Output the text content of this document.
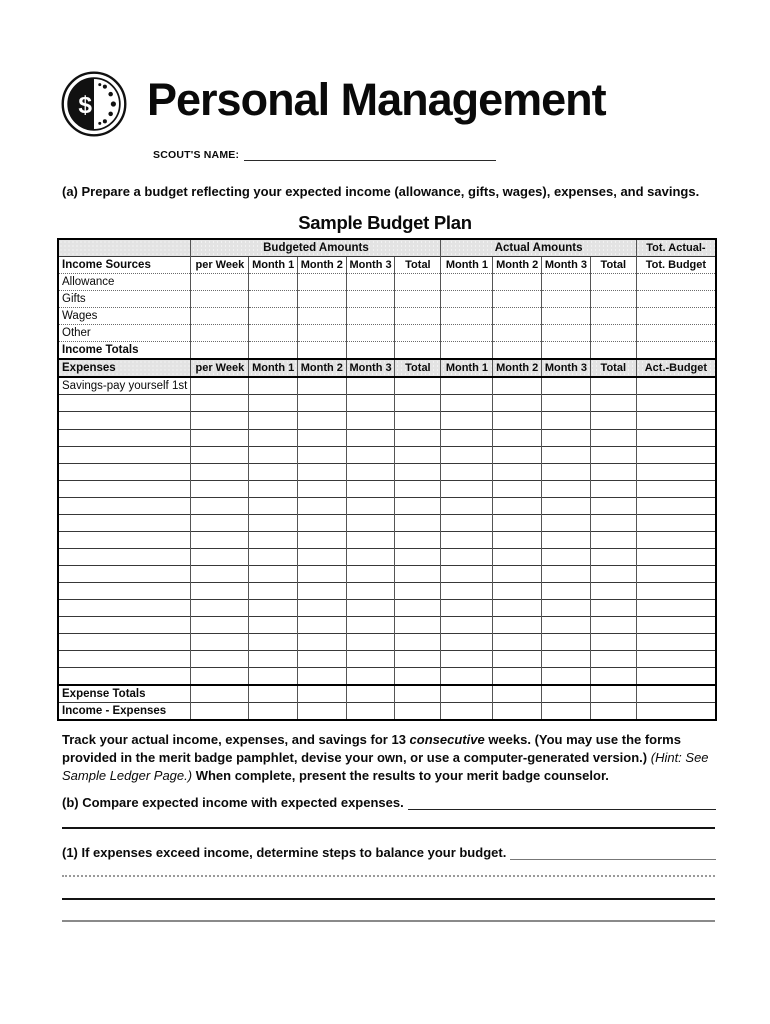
$ Personal Management
SCOUT'S NAME:
(a) Prepare a budget reflecting your expected income (allowance, gifts, wages), expenses, and savings.
Sample Budget Plan
	Budgeted Amounts					Actual Amounts				Tot. Actual-
Income Sources	per Week	Month 1	Month 2	Month 3	Total	Month 1	Month 2	Month 3	Total	Tot. Budget
Allowance										
Gifts										
Wages										
Other										
Income Totals										
Expenses	per Week	Month 1	Month 2	Month 3	Total	Month 1	Month 2	Month 3	Total	Act.-Budget
Savings-pay yourself 1st										

Expense Totals										
Income - Expenses										
Track your actual income, expenses, and savings for 13 consecutive weeks. (You may use the forms provided in the merit badge pamphlet, devise your own, or use a computer-generated version.) (Hint: See Sample Ledger Page.) When complete, present the results to your merit badge counselor.
(b) Compare expected income with expected expenses.
(1) If expenses exceed income, determine steps to balance your budget.
